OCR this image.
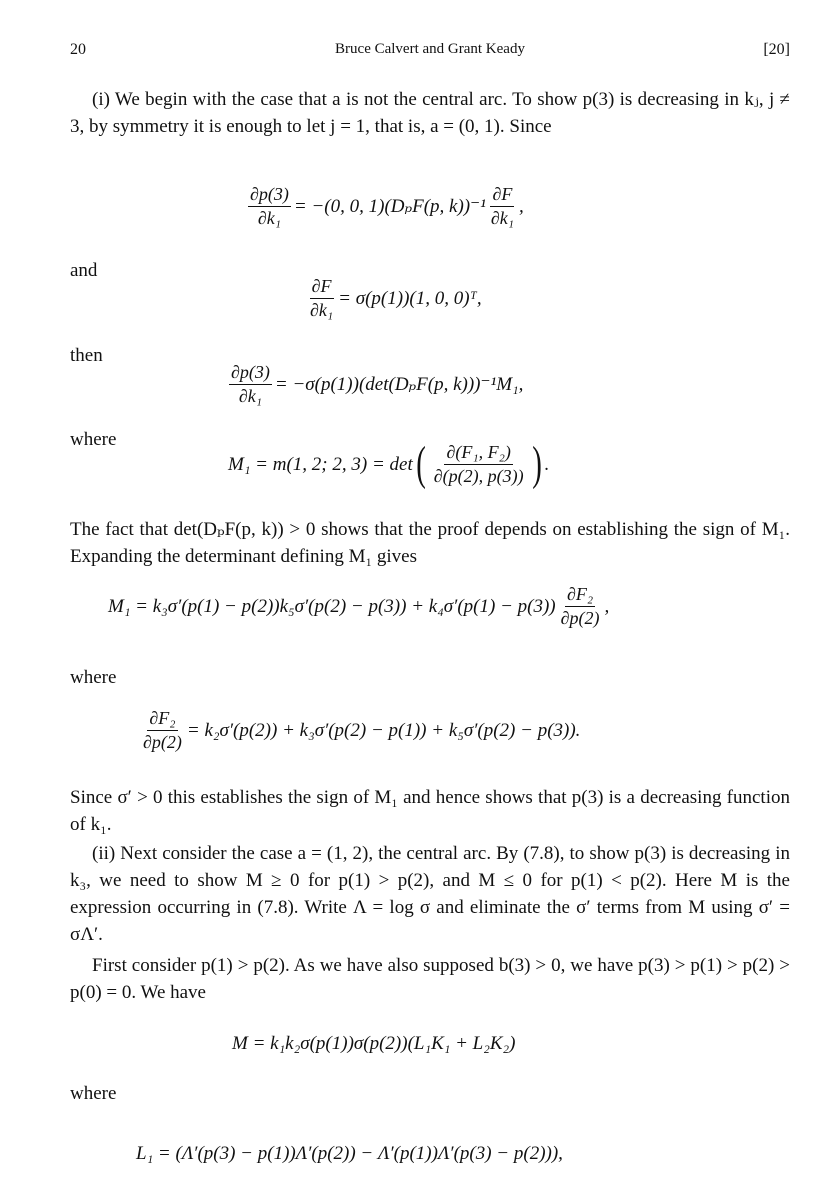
20	Bruce Calvert and Grant Keady	[20]
(i) We begin with the case that a is not the central arc. To show p(3) is decreasing in kⱼ, j ≠ 3, by symmetry it is enough to let j = 1, that is, a = (0, 1). Since
$\frac{\partial p(3)}{\text{∂k₁}} = -(0$, 0, 1)(DₚF(p, $k))^{-1} \frac{\partial F}{\text{∂k₁}}$ ,
and
$\frac{\partial F}{\text{∂k₁}} = \sigma(p(1))(1$, 0, 0)ᵀ,
then
$\frac{\partial p(3)}{\text{∂k₁}} = -\sigma(p(1))(\det(D_pF(p$, k)))⁻¹M₁,
where
M₁ = m(1, 2; 2, 3) = det ( $\frac{\text{∂(F₁, F₂)}}{\partial(p(2), p(3))}$ ) .
The fact that det(DₚF(p, k)) > 0 shows that the proof depends on establishing the sign of M₁. Expanding the determinant defining M₁ gives
$M_1 = k_3\sigma'(p(1) - p(2))k_5\sigma'(p(2) - p(3)) + k_4\sigma'(p(1) - p(3)) \frac{\text{∂F₂}}{\partial p(2)}$ ,
where
$\frac{\text{∂F₂}}{\partial p(2)} = k_2\sigma'(p(2)) + k_3\sigma'(p(2) - p(1)) + k_5\sigma'(p(2) - p(3))$.
Since σ′ > 0 this establishes the sign of M₁ and hence shows that p(3) is a decreasing function of k₁.
(ii) Next consider the case a = (1, 2), the central arc. By (7.8), to show p(3) is decreasing in k₃, we need to show M ≥ 0 for p(1) > p(2), and M ≤ 0 for p(1) < p(2). Here M is the expression occurring in (7.8). Write Λ = log σ and eliminate the σ′ terms from M using σ′ = σΛ′.
First consider p(1) > p(2). As we have also supposed b(3) > 0, we have p(3) > p(1) > p(2) > p(0) = 0. We have
M = k₁k₂σ(p(1))σ(p(2))(L₁K₁ + L₂K₂)
where
L₁ = (Λ′(p(3) − p(1))Λ′(p(2)) − Λ′(p(1))Λ′(p(3) − p(2))),
